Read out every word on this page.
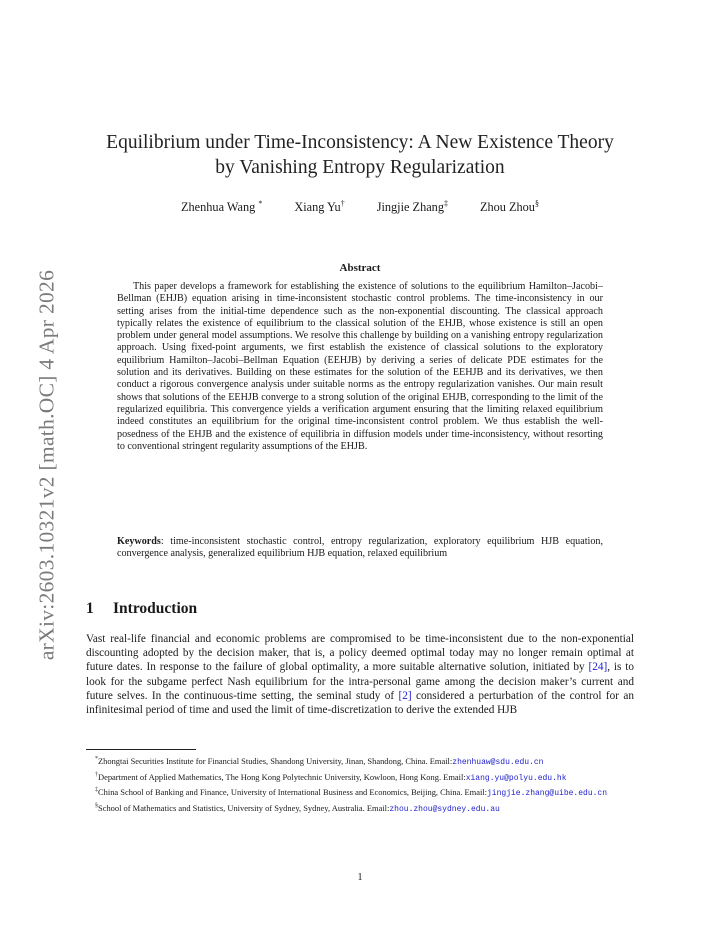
arXiv:2603.10321v2 [math.OC] 4 Apr 2026
Equilibrium under Time-Inconsistency: A New Existence Theory
by Vanishing Entropy Regularization
Zhenhua Wang *	Xiang Yu†	Jingjie Zhang‡	Zhou Zhou§
Abstract

This paper develops a framework for establishing the existence of solutions to the equilibrium Hamilton–Jacobi–Bellman (EHJB) equation arising in time-inconsistent stochastic control problems. The time-inconsistency in our setting arises from the initial-time dependence such as the non-exponential discounting. The classical approach typically relates the existence of equilibrium to the classical solution of the EHJB, whose existence is still an open problem under general model assumptions. We resolve this challenge by building on a vanishing entropy regularization approach. Using fixed-point arguments, we first establish the existence of classical solutions to the exploratory equilibrium Hamilton–Jacobi–Bellman Equation (EEHJB) by deriving a series of delicate PDE estimates for the solution and its derivatives. Building on these estimates for the solution of the EEHJB and its derivatives, we then conduct a rigorous convergence analysis under suitable norms as the entropy regularization vanishes. Our main result shows that solutions of the EEHJB converge to a strong solution of the original EHJB, corresponding to the limit of the regularized equilibria. This convergence yields a verification argument ensuring that the limiting relaxed equilibrium indeed constitutes an equilibrium for the original time-inconsistent control problem. We thus establish the well-posedness of the EHJB and the existence of equilibria in diffusion models under time-inconsistency, without resorting to conventional stringent regularity assumptions of the EHJB.

Keywords: time-inconsistent stochastic control, entropy regularization, exploratory equilibrium HJB equation, convergence analysis, generalized equilibrium HJB equation, relaxed equilibrium

1 Introduction

Vast real-life financial and economic problems are compromised to be time-inconsistent due to the non-exponential discounting adopted by the decision maker, that is, a policy deemed optimal today may no longer remain optimal at future dates. In response to the failure of global optimality, a more suitable alternative solution, initiated by [24], is to look for the subgame perfect Nash equilibrium for the intra-personal game among the decision maker’s current and future selves. In the continuous-time setting, the seminal study of [2] considered a perturbation of the control for an infinitesimal period of time and used the limit of time-discretization to derive the extended HJB

*Zhongtai Securities Institute for Financial Studies, Shandong University, Jinan, Shandong, China. Email:zhenhuaw@sdu.edu.cn

†Department of Applied Mathematics, The Hong Kong Polytechnic University, Kowloon, Hong Kong. Email:xiang.yu@polyu.edu.hk

‡China School of Banking and Finance, University of International Business and Economics, Beijing, China. Email:jingjie.zhang@uibe.edu.cn

§School of Mathematics and Statistics, University of Sydney, Sydney, Australia. Email:zhou.zhou@sydney.edu.au

1
